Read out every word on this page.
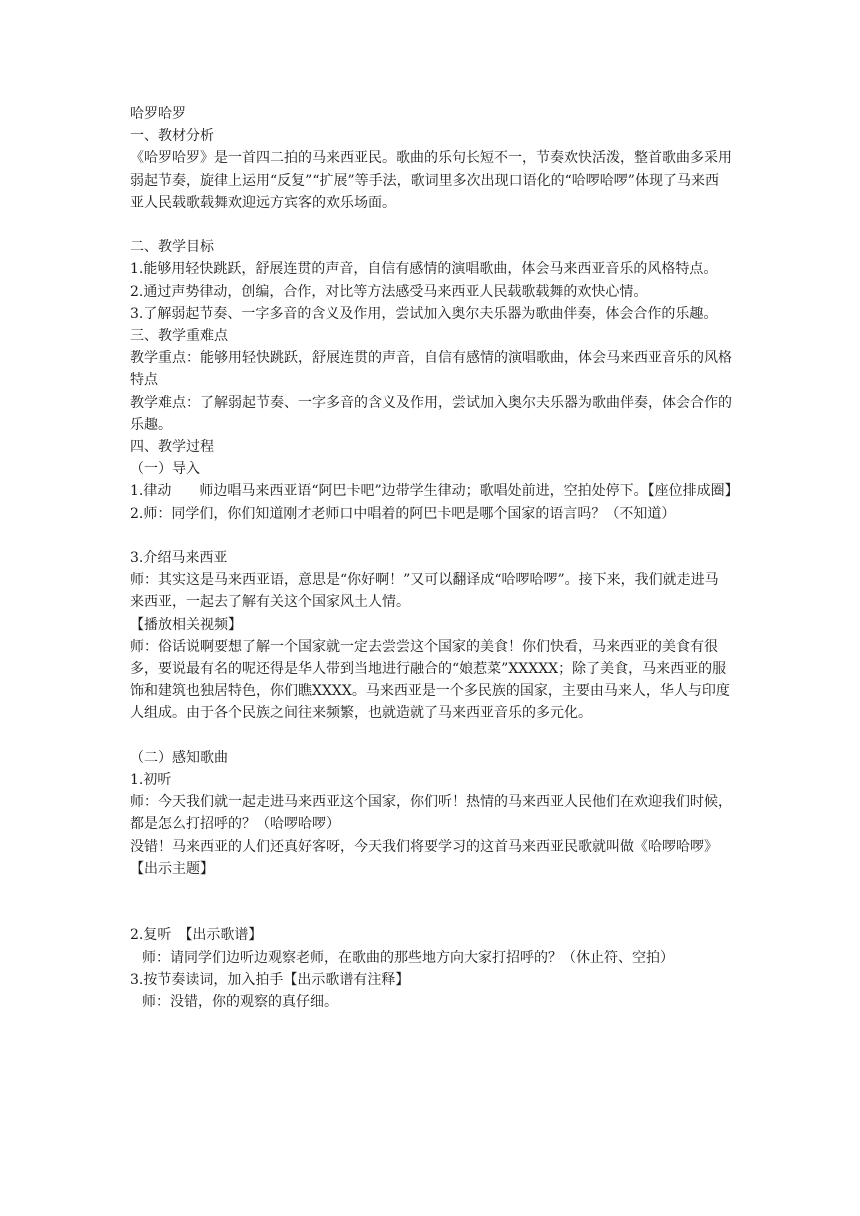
哈罗哈罗
一、教材分析
《哈罗哈罗》是一首四二拍的马来西亚民。歌曲的乐句长短不一，节奏欢快活泼，整首歌曲多采用弱起节奏，旋律上运用“反复”“扩展”等手法，歌词里多次出现口语化的“哈啰哈啰”体现了马来西亚人民载歌载舞欢迎远方宾客的欢乐场面。
二、教学目标
1.能够用轻快跳跃，舒展连贯的声音，自信有感情的演唱歌曲，体会马来西亚音乐的风格特点。
2.通过声势律动，创编，合作，对比等方法感受马来西亚人民载歌载舞的欢快心情。
3.了解弱起节奏、一字多音的含义及作用，尝试加入奥尔夫乐器为歌曲伴奏，体会合作的乐趣。
三、教学重难点
教学重点：能够用轻快跳跃，舒展连贯的声音，自信有感情的演唱歌曲，体会马来西亚音乐的风格特点
教学难点：了解弱起节奏、一字多音的含义及作用，尝试加入奥尔夫乐器为歌曲伴奏，体会合作的乐趣。
四、教学过程
（一）导入
1.律动　　师边唱马来西亚语“阿巴卡吧”边带学生律动；歌唱处前进，空拍处停下。【座位排成圈】
2.师：同学们，你们知道刚才老师口中唱着的阿巴卡吧是哪个国家的语言吗？（不知道）
3.介绍马来西亚
师：其实这是马来西亚语，意思是“你好啊！”又可以翻译成“哈啰哈啰”。接下来，我们就走进马来西亚，一起去了解有关这个国家风土人情。
【播放相关视频】
师：俗话说啊要想了解一个国家就一定去尝尝这个国家的美食！你们快看，马来西亚的美食有很多，要说最有名的呢还得是华人带到当地进行融合的“娘惹菜”XXXXX；除了美食，马来西亚的服饰和建筑也独居特色，你们瞧XXXX。马来西亚是一个多民族的国家，主要由马来人，华人与印度人组成。由于各个民族之间往来频繁，也就造就了马来西亚音乐的多元化。
（二）感知歌曲
1.初听
师：今天我们就一起走进马来西亚这个国家，你们听！热情的马来西亚人民他们在欢迎我们时候，都是怎么打招呼的？（哈啰哈啰）
没错！马来西亚的人们还真好客呀，今天我们将要学习的这首马来西亚民歌就叫做《哈啰哈啰》【出示主题】
2.复听　【出示歌谱】
师：请同学们边听边观察老师，在歌曲的那些地方向大家打招呼的？（休止符、空拍）
3.按节奏读词，加入拍手【出示歌谱有注释】
师：没错，你的观察的真仔细。
